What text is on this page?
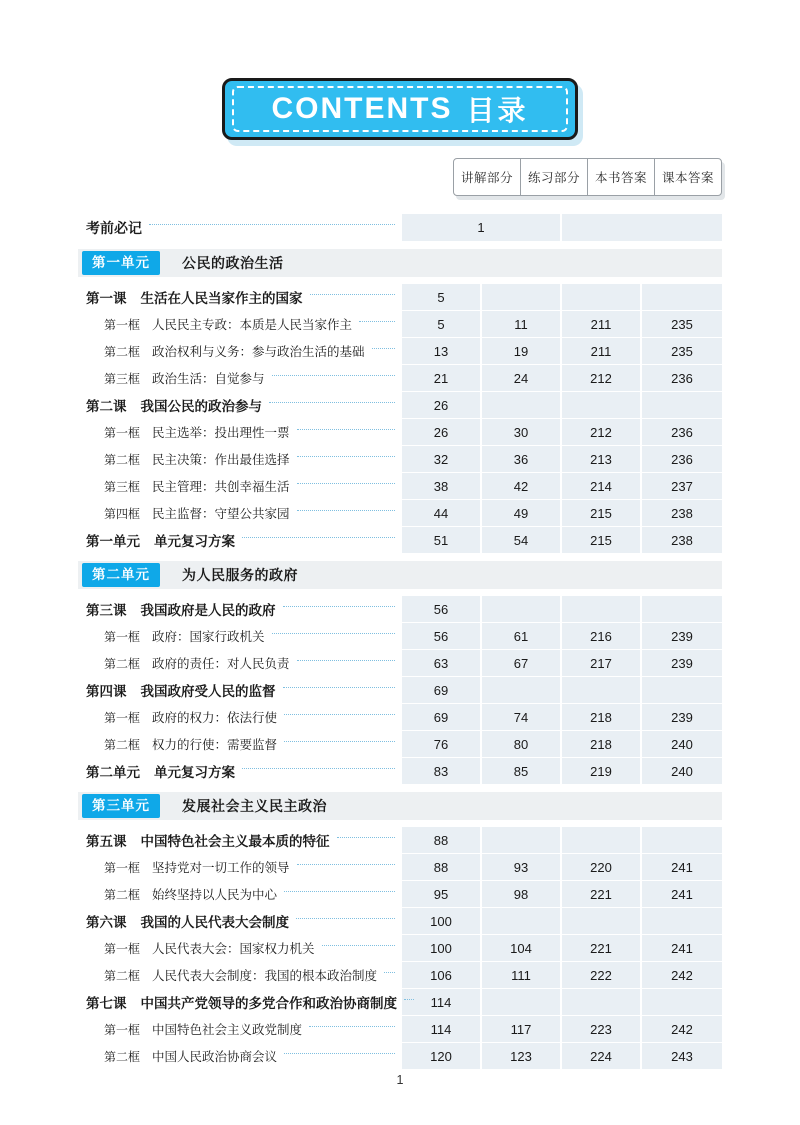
CONTENTS 目录
讲解部分	练习部分	本书答案	课本答案
考前必记	1
第一单元	公民的政治生活
第一课 生活在人民当家作主的国家	5
第一框 人民民主专政：本质是人民当家作主	5	11	211	235
第二框 政治权利与义务：参与政治生活的基础	13	19	211	235
第三框 政治生活：自觉参与	21	24	212	236
第二课 我国公民的政治参与	26
第一框 民主选举：投出理性一票	26	30	212	236
第二框 民主决策：作出最佳选择	32	36	213	236
第三框 民主管理：共创幸福生活	38	42	214	237
第四框 民主监督：守望公共家园	44	49	215	238
第一单元 单元复习方案	51	54	215	238
第二单元	为人民服务的政府
第三课 我国政府是人民的政府	56
第一框 政府：国家行政机关	56	61	216	239
第二框 政府的责任：对人民负责	63	67	217	239
第四课 我国政府受人民的监督	69
第一框 政府的权力：依法行使	69	74	218	239
第二框 权力的行使：需要监督	76	80	218	240
第二单元 单元复习方案	83	85	219	240
第三单元	发展社会主义民主政治
第五课 中国特色社会主义最本质的特征	88
第一框 坚持党对一切工作的领导	88	93	220	241
第二框 始终坚持以人民为中心	95	98	221	241
第六课 我国的人民代表大会制度	100
第一框 人民代表大会：国家权力机关	100	104	221	241
第二框 人民代表大会制度：我国的根本政治制度	106	111	222	242
第七课 中国共产党领导的多党合作和政治协商制度	114
第一框 中国特色社会主义政党制度	114	117	223	242
第二框 中国人民政治协商会议	120	123	224	243
1
